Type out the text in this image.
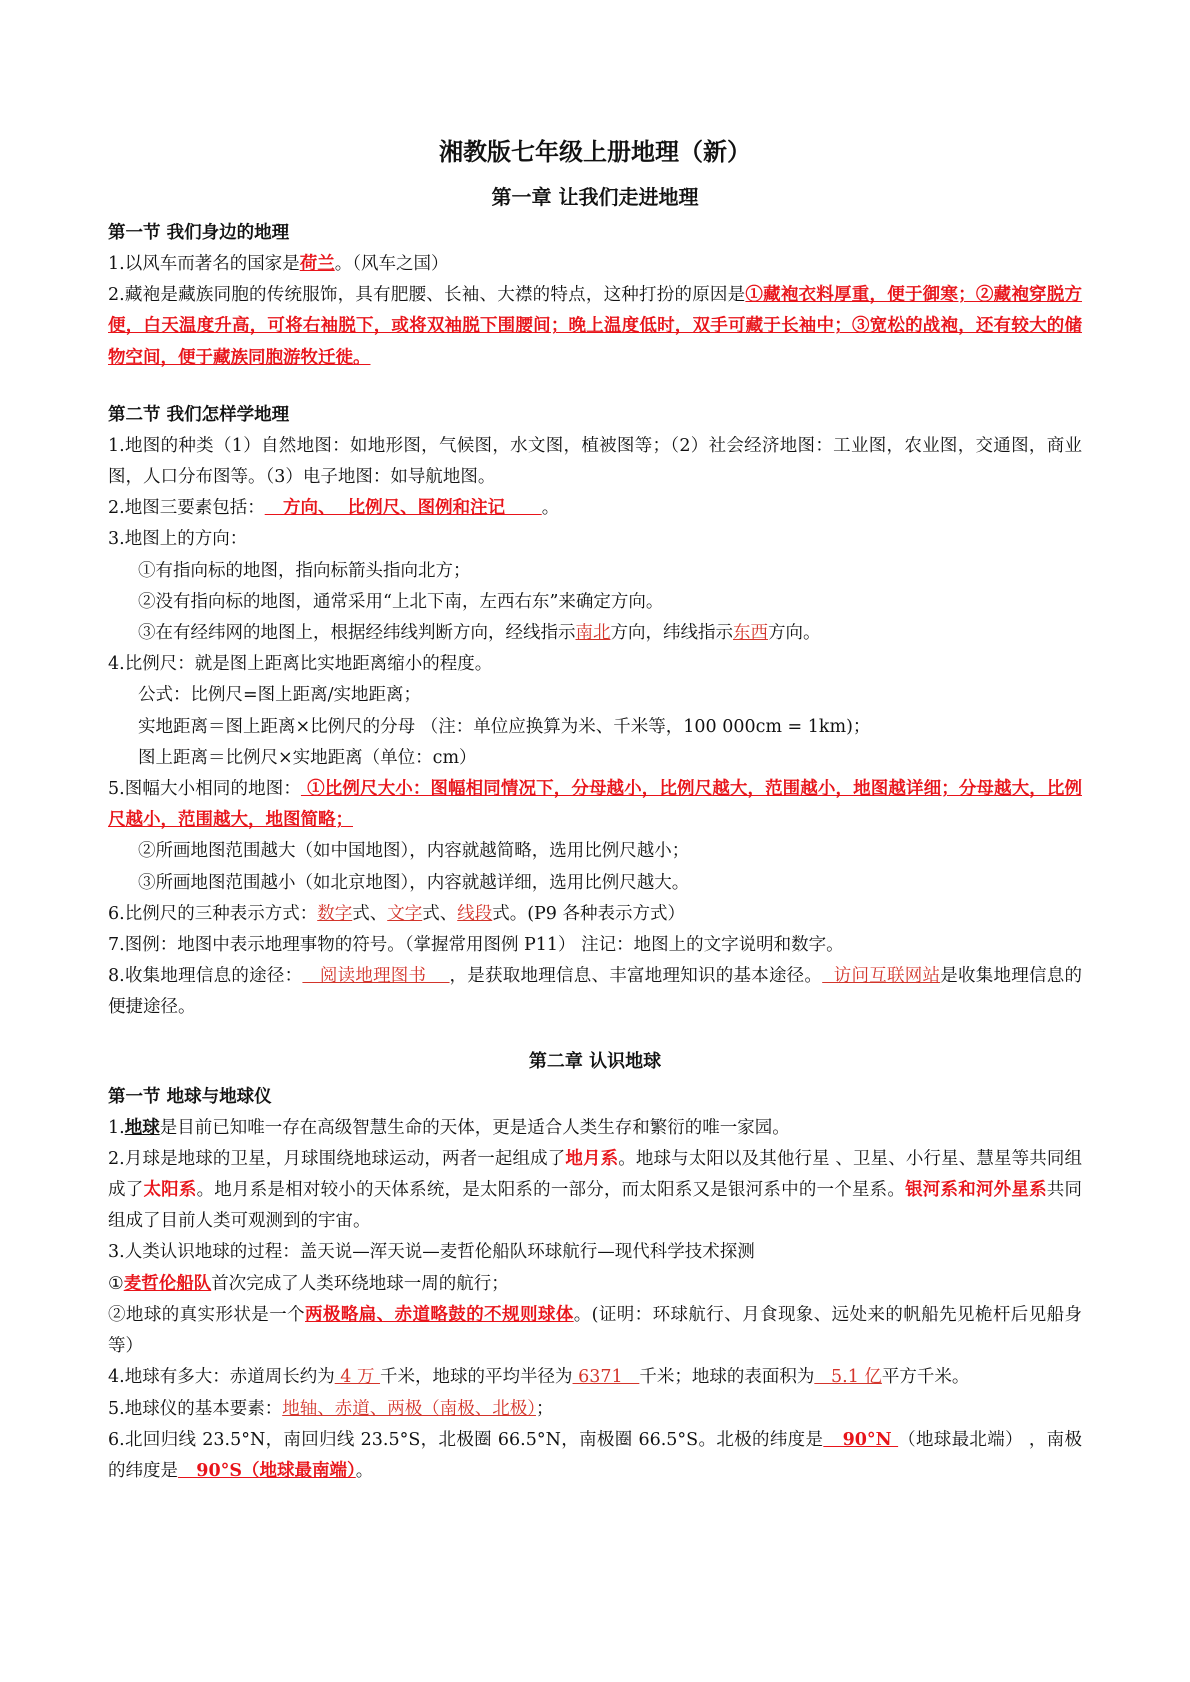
湘教版七年级上册地理（新）
第一章 让我们走进地理
第一节 我们身边的地理

1.以风车而著名的国家是荷兰。（风车之国）

2.藏袍是藏族同胞的传统服饰，具有肥腰、长袖、大襟的特点，这种打扮的原因是①藏袍衣料厚重，便于御寒；②藏袍穿脱方便，白天温度升高，可将右袖脱下，或将双袖脱下围腰间；晚上温度低时，双手可藏于长袖中；③宽松的战袍，还有较大的储物空间，便于藏族同胞游牧迁徙。

第二节 我们怎样学地理

1.地图的种类（1）自然地图：如地形图，气候图，水文图，植被图等；（2）社会经济地图：工业图，农业图，交通图，商业图，人口分布图等。（3）电子地图：如导航地图。

2.地图三要素包括：   方向、  比例尺、图例和注记      。

3.地图上的方向：

①有指向标的地图，指向标箭头指向北方；

②没有指向标的地图，通常采用“上北下南，左西右东”来确定方向。

③在有经纬网的地图上，根据经纬线判断方向，经线指示南北方向，纬线指示东西方向。

4.比例尺：就是图上距离比实地距离缩小的程度。

公式：比例尺=图上距离/实地距离；

实地距离＝图上距离×比例尺的分母 （注：单位应换算为米、千米等，100 000cm = 1km)；

图上距离＝比例尺×实地距离（单位：cm）

5.图幅大小相同的地图： ①比例尺大小：图幅相同情况下，分母越小，比例尺越大，范围越小，地图越详细；分母越大，比例尺越小，范围越大，地图简略；

②所画地图范围越大（如中国地图），内容就越简略，选用比例尺越小；

③所画地图范围越小（如北京地图），内容就越详细，选用比例尺越大。

6.比例尺的三种表示方式：数字式、文字式、线段式。(P9 各种表示方式）

7.图例：地图中表示地理事物的符号。（掌握常用图例 P11） 注记：地图上的文字说明和数字。

8.收集地理信息的途径：   阅读地理图书    ，是获取地理信息、丰富地理知识的基本途径。  访问互联网站是收集地理信息的便捷途径。

第二章 认识地球
第一节 地球与地球仪

1.地球是目前已知唯一存在高级智慧生命的天体，更是适合人类生存和繁衍的唯一家园。

2.月球是地球的卫星，月球围绕地球运动，两者一起组成了地月系。地球与太阳以及其他行星 、卫星、小行星、慧星等共同组成了太阳系。地月系是相对较小的天体系统，是太阳系的一部分，而太阳系又是银河系中的一个星系。银河系和河外星系共同组成了目前人类可观测到的宇宙。

3.人类认识地球的过程：盖天说—浑天说—麦哲伦船队环球航行—现代科学技术探测

①麦哲伦船队首次完成了人类环绕地球一周的航行；

②地球的真实形状是一个两极略扁、赤道略鼓的不规则球体。(证明：环球航行、月食现象、远处来的帆船先见桅杆后见船身等）

4.地球有多大：赤道周长约为 4 万 千米，地球的平均半径为 6371   千米；地球的表面积为   5.1 亿平方千米。

5.地球仪的基本要素：地轴、赤道、两极（南极、北极）；

6.北回归线 23.5°N，南回归线 23.5°S，北极圈 66.5°N，南极圈 66.5°S。北极的纬度是   90°N （地球最北端） ，南极的纬度是   90°S（地球最南端）。
